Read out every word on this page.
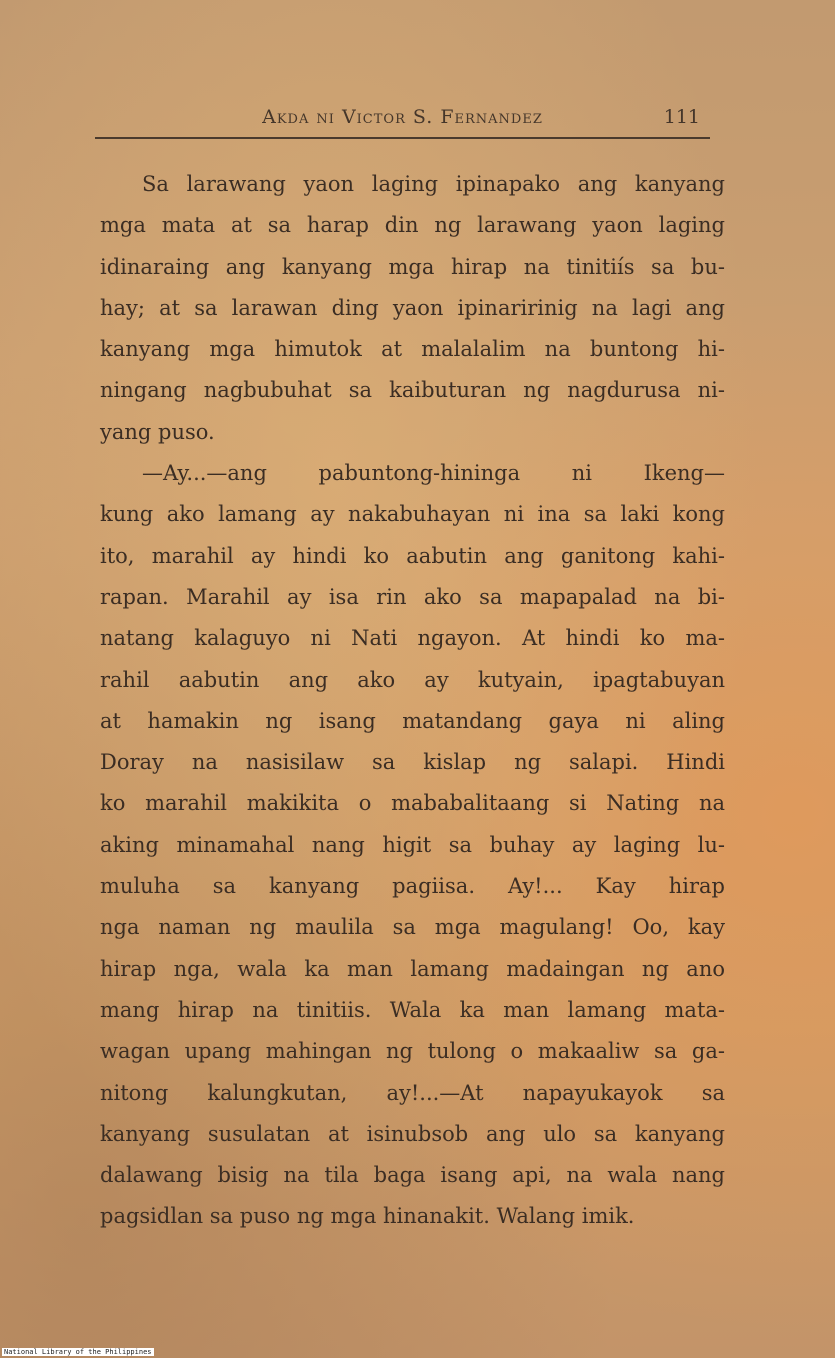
Akda ni Victor S. Fernandez	111
Sa larawang yaon laging ipinapako ang kanyang
mga mata at sa harap din ng larawang yaon laging
idinaraing ang kanyang mga hirap na tinitiís sa bu-
hay; at sa larawan ding yaon ipinaririnig na lagi ang
kanyang mga himutok at malalalim na buntong hi-
ningang nagbubuhat sa kaibuturan ng nagdurusa ni-
yang puso.
—Ay...—ang pabuntong-hininga ni Ikeng—
kung ako lamang ay nakabuhayan ni ina sa laki kong
ito, marahil ay hindi ko aabutin ang ganitong kahi-
rapan. Marahil ay isa rin ako sa mapapalad na bi-
natang kalaguyo ni Nati ngayon. At hindi ko ma-
rahil aabutin ang ako ay kutyain, ipagtabuyan
at hamakin ng isang matandang gaya ni aling
Doray na nasisilaw sa kislap ng salapi. Hindi
ko marahil makikita o mababalitaang si Nating na
aking minamahal nang higit sa buhay ay laging lu-
muluha sa kanyang pagiisa. Ay!... Kay hirap
nga naman ng maulila sa mga magulang! Oo, kay
hirap nga, wala ka man lamang madaingan ng ano
mang hirap na tinitiis. Wala ka man lamang mata-
wagan upang mahingan ng tulong o makaaliw sa ga-
nitong kalungkutan, ay!...—At napayukayok sa
kanyang susulatan at isinubsob ang ulo sa kanyang
dalawang bisig na tila baga isang api, na wala nang
pagsidlan sa puso ng mga hinanakit. Walang imik.
National Library of the Philippines
